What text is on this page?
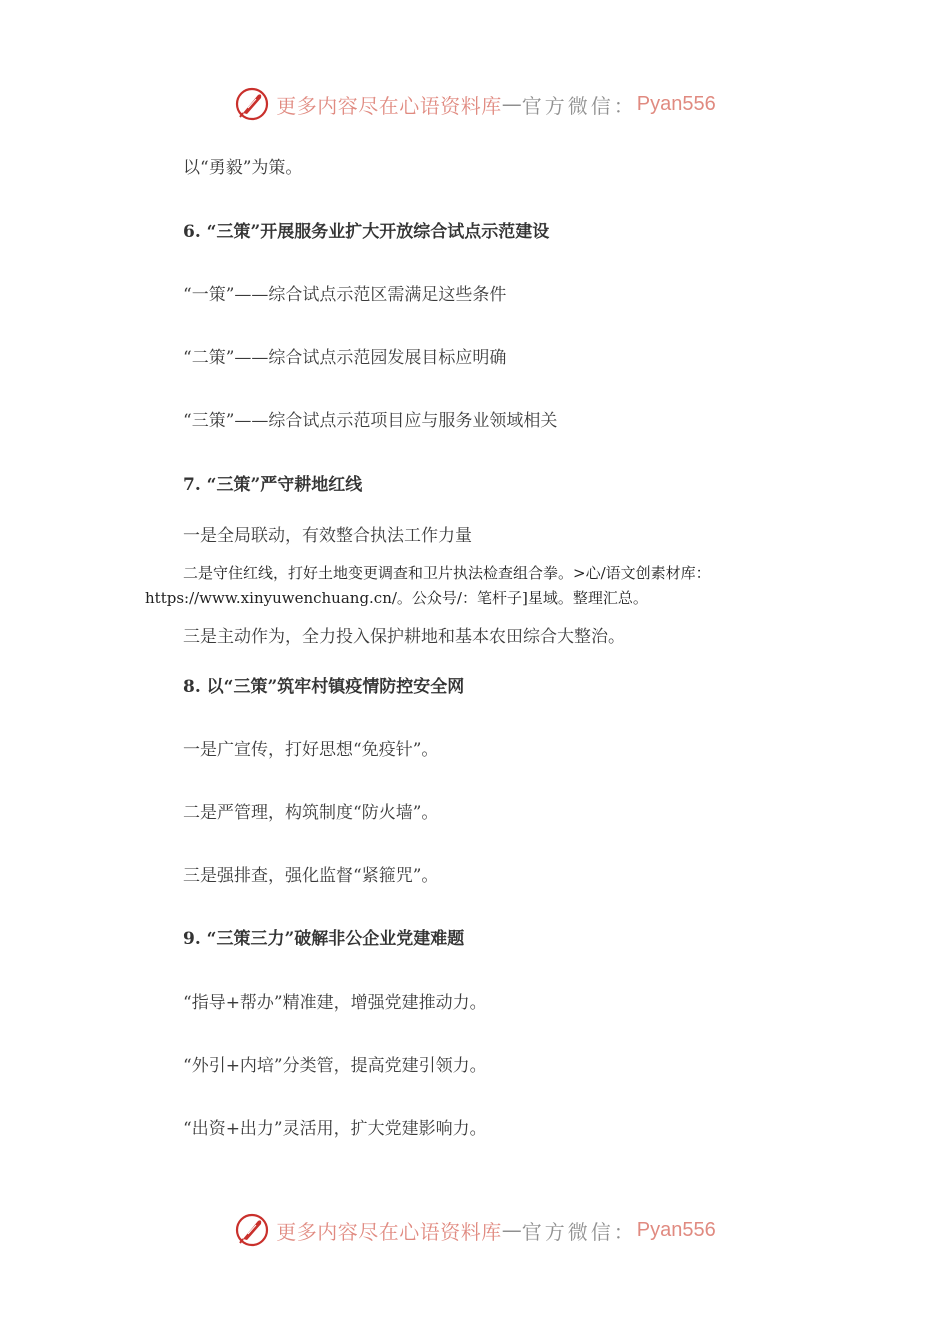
更多内容尽在心语资料库 — 官方微信： Pyan556
以“勇毅”为策。
6. “三策”开展服务业扩大开放综合试点示范建设
“一策”——综合试点示范区需满足这些条件
“二策”——综合试点示范园发展目标应明确
“三策”——综合试点示范项目应与服务业领域相关
7. “三策”严守耕地红线
一是全局联动，有效整合执法工作力量
二是守住红线，打好土地变更调查和卫片执法检查组合拳。>心/语文创素材库：
https://www.xinyuwenchuang.cn/。公众号/：笔杆子]星域。整理汇总。
三是主动作为，全力投入保护耕地和基本农田综合大整治。
8. 以“三策”筑牢村镇疫情防控安全网
一是广宣传，打好思想“免疫针”。
二是严管理，构筑制度“防火墙”。
三是强排查，强化监督“紧箍咒”。
9. “三策三力”破解非公企业党建难题
“指导+帮办”精准建，增强党建推动力。
“外引+内培”分类管，提高党建引领力。
“出资+出力”灵活用，扩大党建影响力。
更多内容尽在心语资料库 — 官方微信： Pyan556
